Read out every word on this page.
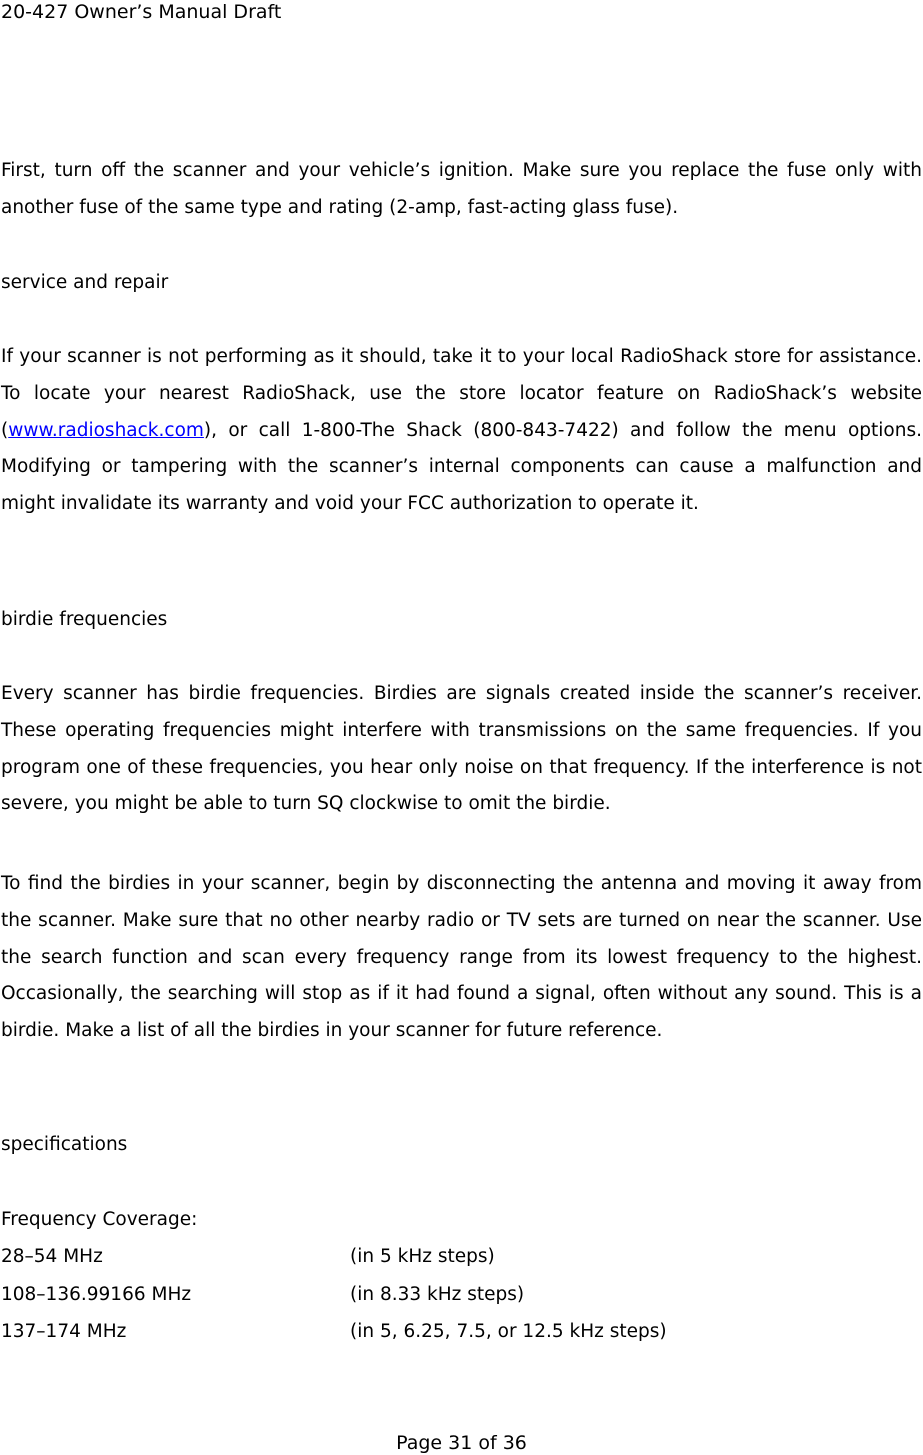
20-427 Owner’s Manual Draft
First, turn off the scanner and your vehicle’s ignition. Make sure you replace the fuse only with another fuse of the same type and rating (2-amp, fast-acting glass fuse).
service and repair
If your scanner is not performing as it should, take it to your local RadioShack store for assistance. To locate your nearest RadioShack, use the store locator feature on RadioShack’s website (www.radioshack.com), or call 1-800-The Shack (800-843-7422) and follow the menu options. Modifying or tampering with the scanner’s internal components can cause a malfunction and might invalidate its warranty and void your FCC authorization to operate it.
birdie frequencies
Every scanner has birdie frequencies. Birdies are signals created inside the scanner’s receiver. These operating frequencies might interfere with transmissions on the same frequencies. If you program one of these frequencies, you hear only noise on that frequency. If the interference is not severe, you might be able to turn SQ clockwise to omit the birdie.
To find the birdies in your scanner, begin by disconnecting the antenna and moving it away from the scanner. Make sure that no other nearby radio or TV sets are turned on near the scanner. Use the search function and scan every frequency range from its lowest frequency to the highest. Occasionally, the searching will stop as if it had found a signal, often without any sound. This is a birdie. Make a list of all the birdies in your scanner for future reference.
specifications
Frequency Coverage:
28–54 MHz	(in 5 kHz steps)
108–136.99166 MHz	(in 8.33 kHz steps)
137–174 MHz	(in 5, 6.25, 7.5, or 12.5 kHz steps)
Page 31 of 36
